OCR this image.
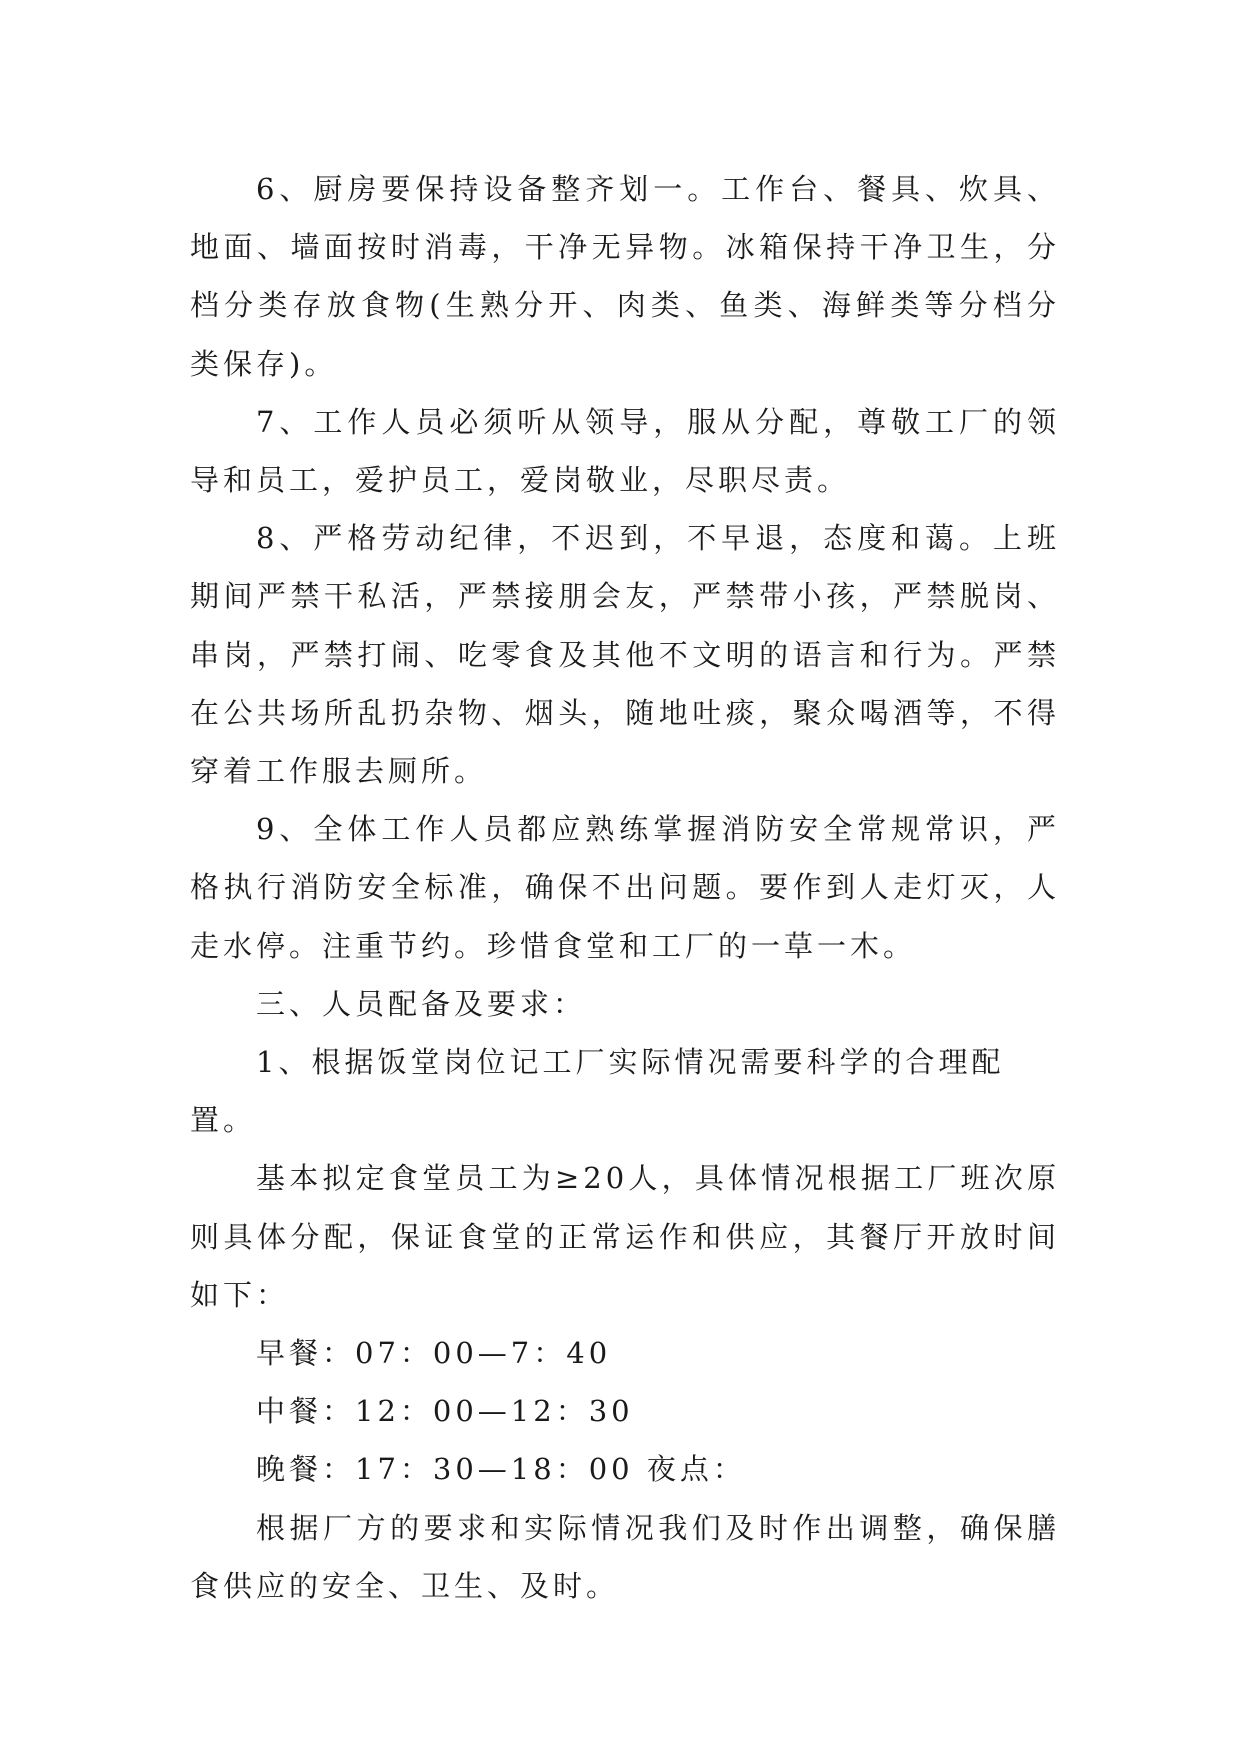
6、厨房要保持设备整齐划一。工作台、餐具、炊具、地面、墙面按时消毒，干净无异物。冰箱保持干净卫生，分档分类存放食物(生熟分开、肉类、鱼类、海鲜类等分档分类保存)。

7、工作人员必须听从领导，服从分配，尊敬工厂的领导和员工，爱护员工，爱岗敬业，尽职尽责。

8、严格劳动纪律，不迟到，不早退，态度和蔼。上班期间严禁干私活，严禁接朋会友，严禁带小孩，严禁脱岗、串岗，严禁打闹、吃零食及其他不文明的语言和行为。严禁在公共场所乱扔杂物、烟头，随地吐痰，聚众喝酒等，不得穿着工作服去厕所。

9、全体工作人员都应熟练掌握消防安全常规常识，严格执行消防安全标准，确保不出问题。要作到人走灯灭，人走水停。注重节约。珍惜食堂和工厂的一草一木。

三、人员配备及要求：

1、根据饭堂岗位记工厂实际情况需要科学的合理配置。

基本拟定食堂员工为≥20人，具体情况根据工厂班次原则具体分配，保证食堂的正常运作和供应，其餐厅开放时间如下：

早餐：07：00—7：40

中餐：12：00—12：30

晚餐：17：30—18：00 夜点：

根据厂方的要求和实际情况我们及时作出调整，确保膳食供应的安全、卫生、及时。
